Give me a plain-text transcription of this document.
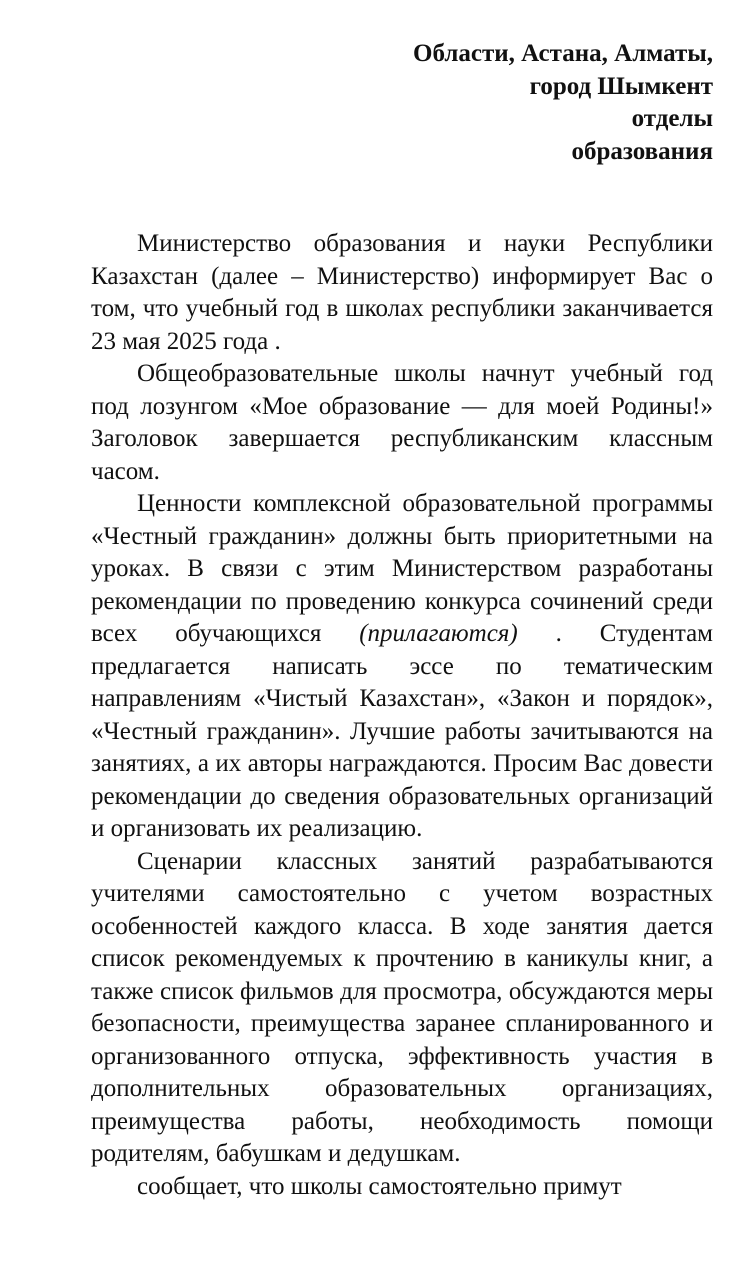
Области, Астана, Алматы,
город Шымкент
отделы
образования

Министерство образования и науки Республики Казахстан (далее – Министерство) информирует Вас о том, что учебный год в школах республики заканчивается 23 мая 2025 года .

Общеобразовательные школы начнут учебный год под лозунгом «Мое образование — для моей Родины!» Заголовок завершается республиканским классным часом.

Ценности комплексной образовательной программы «Честный гражданин» должны быть приоритетными на уроках. В связи с этим Министерством разработаны рекомендации по проведению конкурса сочинений среди всех обучающихся (прилагаются) . Студентам предлагается написать эссе по тематическим направлениям «Чистый Казахстан», «Закон и порядок», «Честный гражданин». Лучшие работы зачитываются на занятиях, а их авторы награждаются. Просим Вас довести рекомендации до сведения образовательных организаций и организовать их реализацию.

Сценарии классных занятий разрабатываются учителями самостоятельно с учетом возрастных особенностей каждого класса. В ходе занятия дается список рекомендуемых к прочтению в каникулы книг, а также список фильмов для просмотра, обсуждаются меры безопасности, преимущества заранее спланированного и организованного отпуска, эффективность участия в дополнительных образовательных организациях, преимущества работы, необходимость помощи родителям, бабушкам и дедушкам.

сообщает, что школы самостоятельно примут
